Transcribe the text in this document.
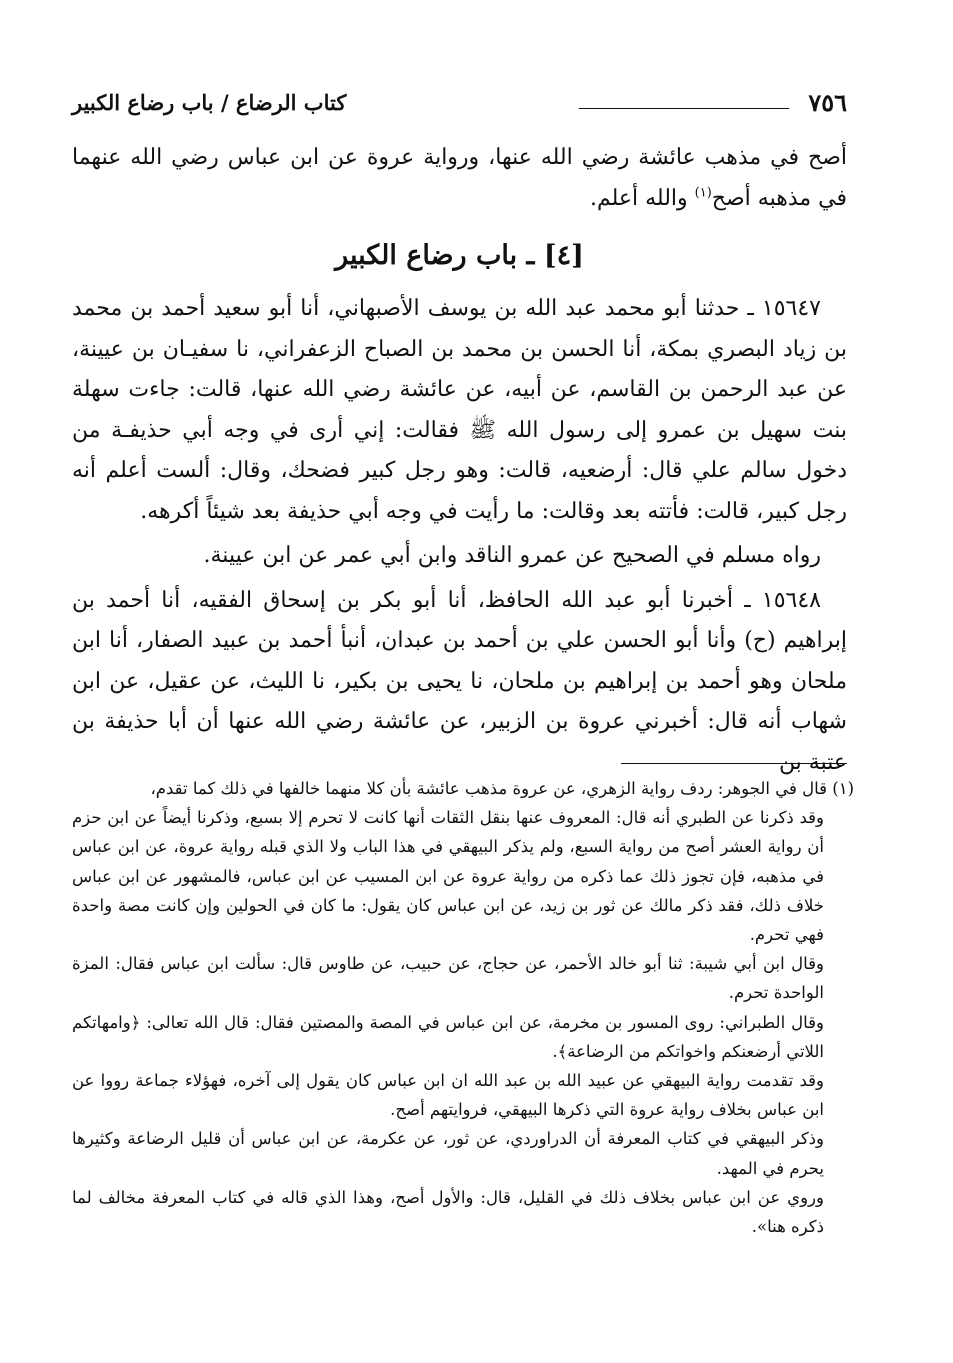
٧٥٦
كتاب الرضاع / باب رضاع الكبير

أصح في مذهب عائشة رضي الله عنها، ورواية عروة عن ابن عباس رضي الله عنهما في مذهبه أصح$^{(١)}$ والله أعلم.

[٤] ـ باب رضاع الكبير

١٥٦٤٧ ـ حدثنا أبو محمد عبد الله بن يوسف الأصبهاني، أنا أبو سعيد أحمد بن محمد بن زياد البصري بمكة، أنا الحسن بن محمد بن الصباح الزعفراني، نا سفيـان بن عيينة، عن عبد الرحمن بن القاسم، عن أبيه، عن عائشة رضي الله عنها، قالت: جاءت سهلة بنت سهيل بن عمرو إلى رسول الله ﷺ فقالت: إني أرى في وجه أبي حذيفـة من دخول سالم علي قال: أرضعيه، قالت: وهو رجل كبير فضحك، وقال: ألست أعلم أنه رجل كبير، قالت: فأتته بعد وقالت: ما رأيت في وجه أبي حذيفة بعد شيئاً أكرهه.

رواه مسلم في الصحيح عن عمرو الناقد وابن أبي عمر عن ابن عيينة.

١٥٦٤٨ ـ أخبرنا أبو عبد الله الحافظ، أنا أبو بكر بن إسحاق الفقيه، أنا أحمد بن إبراهيم (ح) وأنا أبو الحسن علي بن أحمد بن عبدان، أنبأ أحمد بن عبيد الصفار، أنا ابن ملحان وهو أحمد بن إبراهيم بن ملحان، نا يحيى بن بكير، نا الليث، عن عقيل، عن ابن شهاب أنه قال: أخبرني عروة بن الزبير، عن عائشة رضي الله عنها أن أبا حذيفة بن عتبة بن

(١) قال في الجوهر: ردف رواية الزهري، عن عروة مذهب عائشة بأن كلا منهما خالفها في ذلك كما تقدم،

وقد ذكرنا عن الطبري أنه قال: المعروف عنها بنقل الثقات أنها كانت لا تحرم إلا بسبع، وذكرنا أيضاً عن ابن حزم أن رواية العشر أصح من رواية السبع، ولم يذكر البيهقي في هذا الباب ولا الذي قبله رواية عروة، عن ابن عباس في مذهبه، فإن تجوز ذلك عما ذكره من رواية عروة عن ابن المسيب عن ابن عباس، فالمشهور عن ابن عباس خلاف ذلك، فقد ذكر مالك عن ثور بن زيد، عن ابن عباس كان يقول: ما كان في الحولين وإن كانت مصة واحدة فهي تحرم.

وقال ابن أبي شيبة: ثنا أبو خالد الأحمر، عن حجاج، عن حبيب، عن طاوس قال: سألت ابن عباس فقال: المزة الواحدة تحرم.

وقال الطبراني: روى المسور بن مخرمة، عن ابن عباس في المصة والمصتين فقال: قال الله تعالى: ﴿وامهاتكم اللاتي أرضعنكم واخواتكم من الرضاعة﴾.

وقد تقدمت رواية البيهقي عن عبيد الله بن عبد الله ان ابن عباس كان يقول إلى آخره، فهؤلاء جماعة رووا عن ابن عباس بخلاف رواية عروة التي ذكرها البيهقي، فروايتهم أصح.

وذكر البيهقي في كتاب المعرفة أن الدراوردي، عن ثور، عن عكرمة، عن ابن عباس أن قليل الرضاعة وكثيرها يحرم في المهد.

وروي عن ابن عباس بخلاف ذلك في القليل، قال: والأول أصح، وهذا الذي قاله في كتاب المعرفة مخالف لما ذكره هنا».
